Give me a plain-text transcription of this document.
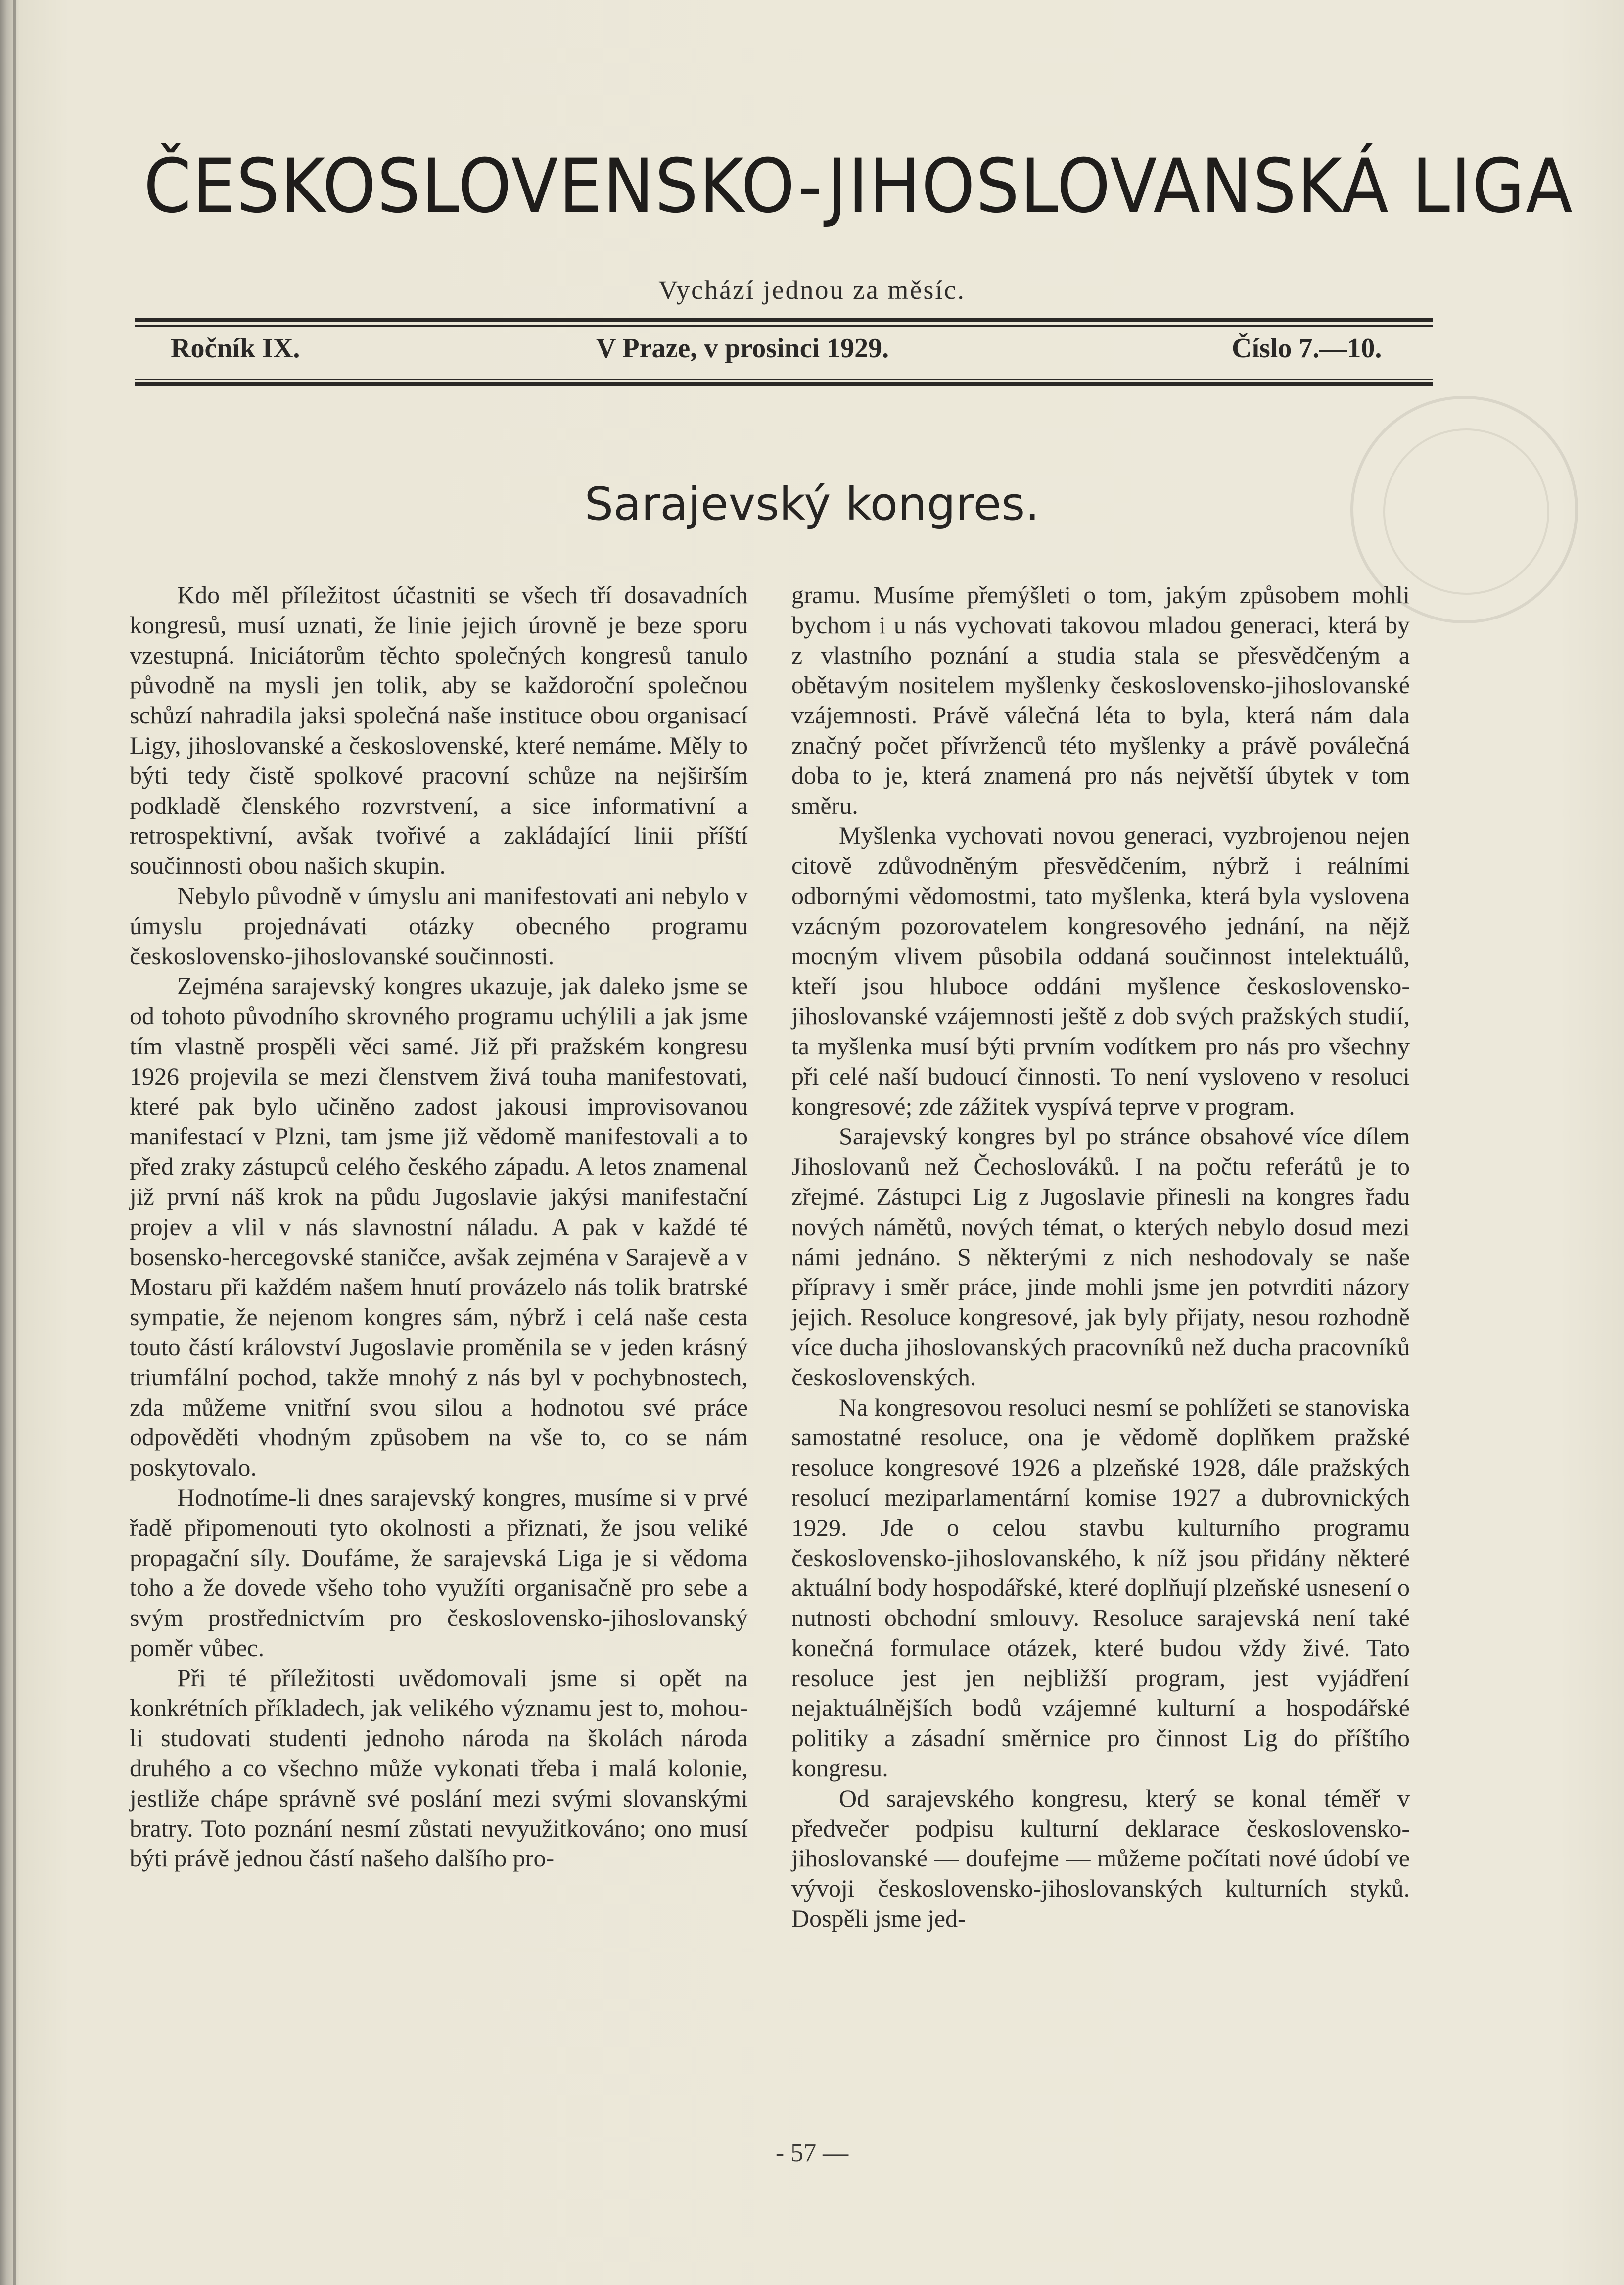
ČESKOSLOVENSKO-JIHOSLOVANSKÁ LIGA
Vychází jednou za měsíc.
Ročník IX.	V Praze, v prosinci 1929.	Číslo 7.—10.
Sarajevský kongres.

Kdo měl příležitost účastniti se všech tří dosavadních kongresů, musí uznati, že linie jejich úrovně je beze sporu vzestupná. Iniciátorům těchto společných kongresů tanulo původně na mysli jen tolik, aby se každoroční společnou schůzí nahradila jaksi společná naše instituce obou organisací Ligy, jihoslovanské a československé, které nemáme. Měly to býti tedy čistě spolkové pracovní schůze na nejširším podkladě členského rozvrstvení, a sice informativní a retrospektivní, avšak tvořivé a zakládající linii příští součinnosti obou našich skupin.

Nebylo původně v úmyslu ani manifestovati ani nebylo v úmyslu projednávati otázky obecného programu československo-jihoslovanské součinnosti.

Zejména sarajevský kongres ukazuje, jak daleko jsme se od tohoto původního skrovného programu uchýlili a jak jsme tím vlastně prospěli věci samé. Již při pražském kongresu 1926 projevila se mezi členstvem živá touha manifestovati, které pak bylo učiněno zadost jakousi improvisovanou manifestací v Plzni, tam jsme již vědomě manifestovali a to před zraky zástupců celého českého západu. A letos znamenal již první náš krok na půdu Jugoslavie jakýsi manifestační projev a vlil v nás slavnostní náladu. A pak v každé té bosensko-hercegovské staničce, avšak zejména v Sarajevě a v Mostaru při každém našem hnutí provázelo nás tolik bratrské sympatie, že nejenom kongres sám, nýbrž i celá naše cesta touto částí království Jugoslavie proměnila se v jeden krásný triumfální pochod, takže mnohý z nás byl v pochybnostech, zda můžeme vnitřní svou silou a hodnotou své práce odpověděti vhodným způsobem na vše to, co se nám poskytovalo.

Hodnotíme-li dnes sarajevský kongres, musíme si v prvé řadě připomenouti tyto okolnosti a přiznati, že jsou veliké propagační síly. Doufáme, že sarajevská Liga je si vědoma toho a že dovede všeho toho využíti organisačně pro sebe a svým prostřednictvím pro československo-jihoslovanský poměr vůbec.

Při té příležitosti uvědomovali jsme si opět na konkrétních příkladech, jak velikého významu jest to, mohou-li studovati studenti jednoho národa na školách národa druhého a co všechno může vykonati třeba i malá kolonie, jestliže chápe správně své poslání mezi svými slovanskými bratry. Toto poznání nesmí zůstati nevyužitkováno; ono musí býti právě jednou částí našeho dalšího pro-

gramu. Musíme přemýšleti o tom, jakým způsobem mohli bychom i u nás vychovati takovou mladou generaci, která by z vlastního poznání a studia stala se přesvědčeným a obětavým nositelem myšlenky československo-jihoslovanské vzájemnosti. Právě válečná léta to byla, která nám dala značný počet přívrženců této myšlenky a právě poválečná doba to je, která znamená pro nás největší úbytek v tom směru.

Myšlenka vychovati novou generaci, vyzbrojenou nejen citově zdůvodněným přesvědčením, nýbrž i reálními odbornými vědomostmi, tato myšlenka, která byla vyslovena vzácným pozorovatelem kongresového jednání, na nějž mocným vlivem působila oddaná součinnost intelektuálů, kteří jsou hluboce oddáni myšlence československo-jihoslovanské vzájemnosti ještě z dob svých pražských studií, ta myšlenka musí býti prvním vodítkem pro nás pro všechny při celé naší budoucí činnosti. To není vysloveno v resoluci kongresové; zde zážitek vyspívá teprve v program.

Sarajevský kongres byl po stránce obsahové více dílem Jihoslovanů než Čechoslováků. I na počtu referátů je to zřejmé. Zástupci Lig z Jugoslavie přinesli na kongres řadu nových námětů, nových témat, o kterých nebylo dosud mezi námi jednáno. S některými z nich neshodovaly se naše přípravy i směr práce, jinde mohli jsme jen potvrditi názory jejich. Resoluce kongresové, jak byly přijaty, nesou rozhodně více ducha jihoslovanských pracovníků než ducha pracovníků československých.

Na kongresovou resoluci nesmí se pohlížeti se stanoviska samostatné resoluce, ona je vědomě doplňkem pražské resoluce kongresové 1926 a plzeňské 1928, dále pražských resolucí meziparlamentární komise 1927 a dubrovnických 1929. Jde o celou stavbu kulturního programu československo-jihoslovanského, k níž jsou přidány některé aktuální body hospodářské, které doplňují plzeňské usnesení o nutnosti obchodní smlouvy. Resoluce sarajevská není také konečná formulace otázek, které budou vždy živé. Tato resoluce jest jen nejbližší program, jest vyjádření nejaktuálnějších bodů vzájemné kulturní a hospodářské politiky a zásadní směrnice pro činnost Lig do příštího kongresu.

Od sarajevského kongresu, který se konal téměř v předvečer podpisu kulturní deklarace československo-jihoslovanské — doufejme — můžeme počítati nové údobí ve vývoji československo-jihoslovanských kulturních styků. Dospěli jsme jed-

- 57 —
